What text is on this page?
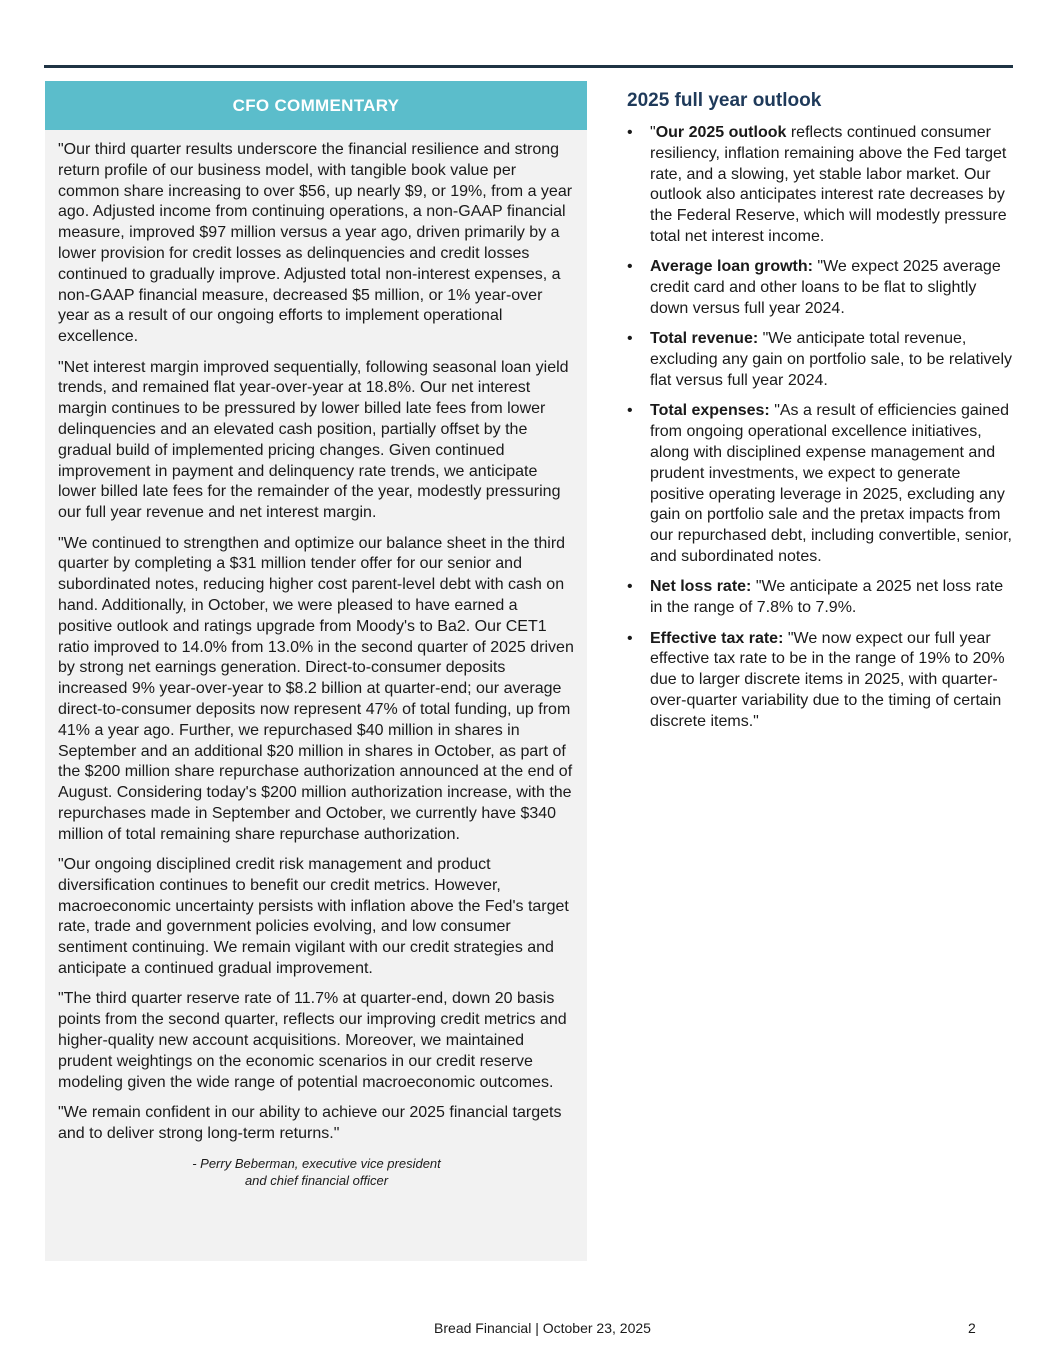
CFO COMMENTARY

"Our third quarter results underscore the financial resilience and strong return profile of our business model, with tangible book value per common share increasing to over $56, up nearly $9, or 19%, from a year ago. Adjusted income from continuing operations, a non-GAAP financial measure, improved $97 million versus a year ago, driven primarily by a lower provision for credit losses as delinquencies and credit losses continued to gradually improve. Adjusted total non-interest expenses, a non-GAAP financial measure, decreased $5 million, or 1% year-over year as a result of our ongoing efforts to implement operational excellence.

"Net interest margin improved sequentially, following seasonal loan yield trends, and remained flat year-over-year at 18.8%. Our net interest margin continues to be pressured by lower billed late fees from lower delinquencies and an elevated cash position, partially offset by the gradual build of implemented pricing changes. Given continued improvement in payment and delinquency rate trends, we anticipate lower billed late fees for the remainder of the year, modestly pressuring our full year revenue and net interest margin.

"We continued to strengthen and optimize our balance sheet in the third quarter by completing a $31 million tender offer for our senior and subordinated notes, reducing higher cost parent-level debt with cash on hand. Additionally, in October, we were pleased to have earned a positive outlook and ratings upgrade from Moody's to Ba2. Our CET1 ratio improved to 14.0% from 13.0% in the second quarter of 2025 driven by strong net earnings generation. Direct-to-consumer deposits increased 9% year-over-year to $8.2 billion at quarter-end; our average direct-to-consumer deposits now represent 47% of total funding, up from 41% a year ago. Further, we repurchased $40 million in shares in September and an additional $20 million in shares in October, as part of the $200 million share repurchase authorization announced at the end of August. Considering today's $200 million authorization increase, with the repurchases made in September and October, we currently have $340 million of total remaining share repurchase authorization.

"Our ongoing disciplined credit risk management and product diversification continues to benefit our credit metrics. However, macroeconomic uncertainty persists with inflation above the Fed's target rate, trade and government policies evolving, and low consumer sentiment continuing. We remain vigilant with our credit strategies and anticipate a continued gradual improvement.

"The third quarter reserve rate of 11.7% at quarter-end, down 20 basis points from the second quarter, reflects our improving credit metrics and higher-quality new account acquisitions. Moreover, we maintained prudent weightings on the economic scenarios in our credit reserve modeling given the wide range of potential macroeconomic outcomes.

"We remain confident in our ability to achieve our 2025 financial targets and to deliver strong long-term returns."

- Perry Beberman, executive vice president
and chief financial officer
2025 full year outlook
•	"Our 2025 outlook reflects continued consumer resiliency, inflation remaining above the Fed target rate, and a slowing, yet stable labor market. Our outlook also anticipates interest rate decreases by the Federal Reserve, which will modestly pressure total net interest income.
•	Average loan growth: "We expect 2025 average credit card and other loans to be flat to slightly down versus full year 2024.
•	Total revenue: "We anticipate total revenue, excluding any gain on portfolio sale, to be relatively flat versus full year 2024.
•	Total expenses: "As a result of efficiencies gained from ongoing operational excellence initiatives, along with disciplined expense management and prudent investments, we expect to generate positive operating leverage in 2025, excluding any gain on portfolio sale and the pretax impacts from our repurchased debt, including convertible, senior, and subordinated notes.
•	Net loss rate: "We anticipate a 2025 net loss rate in the range of 7.8% to 7.9%.
•	Effective tax rate: "We now expect our full year effective tax rate to be in the range of 19% to 20% due to larger discrete items in 2025, with quarter-over-quarter variability due to the timing of certain discrete items."
Bread Financial | October 23, 2025	2
